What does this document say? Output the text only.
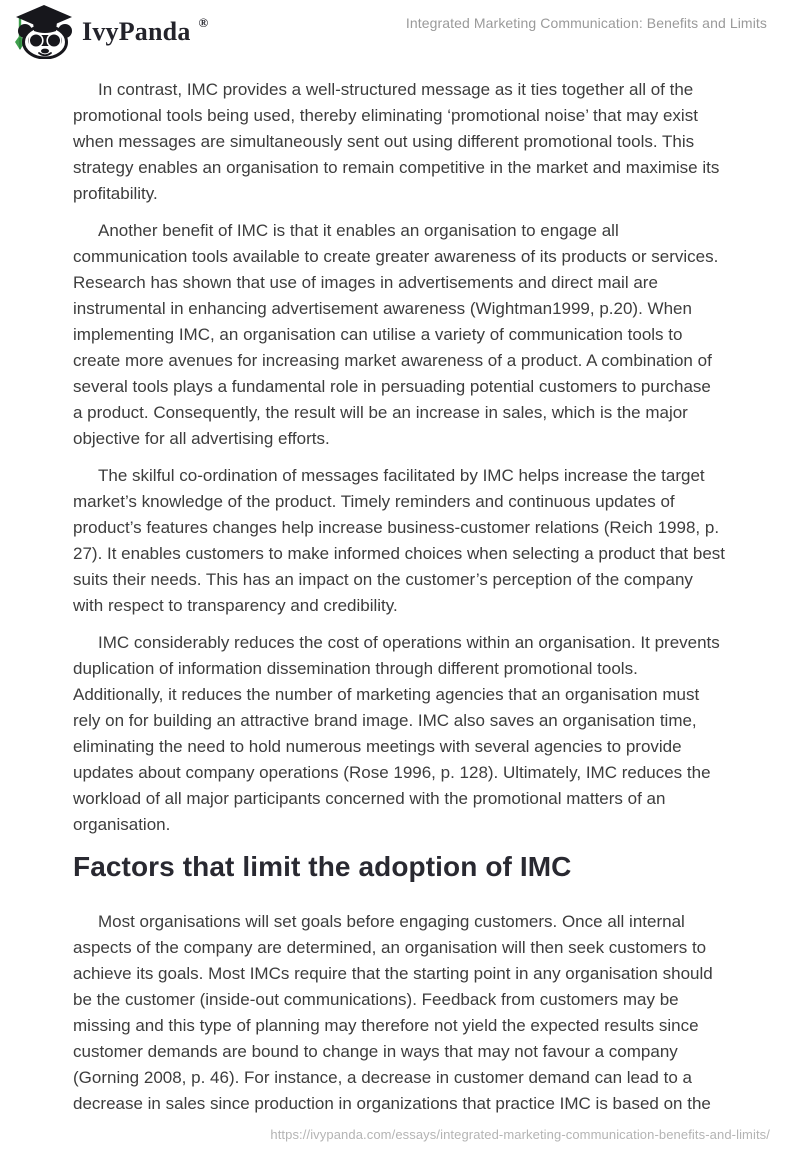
IvyPanda ®	Integrated Marketing Communication: Benefits and Limits

In contrast, IMC provides a well-structured message as it ties together all of the promotional tools being used, thereby eliminating ‘promotional noise’ that may exist when messages are simultaneously sent out using different promotional tools. This strategy enables an organisation to remain competitive in the market and maximise its profitability.

Another benefit of IMC is that it enables an organisation to engage all communication tools available to create greater awareness of its products or services. Research has shown that use of images in advertisements and direct mail are instrumental in enhancing advertisement awareness (Wightman1999, p.20). When implementing IMC, an organisation can utilise a variety of communication tools to create more avenues for increasing market awareness of a product. A combination of several tools plays a fundamental role in persuading potential customers to purchase a product. Consequently, the result will be an increase in sales, which is the major objective for all advertising efforts.

The skilful co-ordination of messages facilitated by IMC helps increase the target market’s knowledge of the product. Timely reminders and continuous updates of product’s features changes help increase business-customer relations (Reich 1998, p. 27). It enables customers to make informed choices when selecting a product that best suits their needs. This has an impact on the customer’s perception of the company with respect to transparency and credibility.

IMC considerably reduces the cost of operations within an organisation. It prevents duplication of information dissemination through different promotional tools. Additionally, it reduces the number of marketing agencies that an organisation must rely on for building an attractive brand image. IMC also saves an organisation time, eliminating the need to hold numerous meetings with several agencies to provide updates about company operations (Rose 1996, p. 128). Ultimately, IMC reduces the workload of all major participants concerned with the promotional matters of an organisation.

Factors that limit the adoption of IMC

Most organisations will set goals before engaging customers. Once all internal aspects of the company are determined, an organisation will then seek customers to achieve its goals. Most IMCs require that the starting point in any organisation should be the customer (inside-out communications). Feedback from customers may be missing and this type of planning may therefore not yield the expected results since customer demands are bound to change in ways that may not favour a company (Gorning 2008, p. 46). For instance, a decrease in customer demand can lead to a decrease in sales since production in organizations that practice IMC is based on the

https://ivypanda.com/essays/integrated-marketing-communication-benefits-and-limits/
